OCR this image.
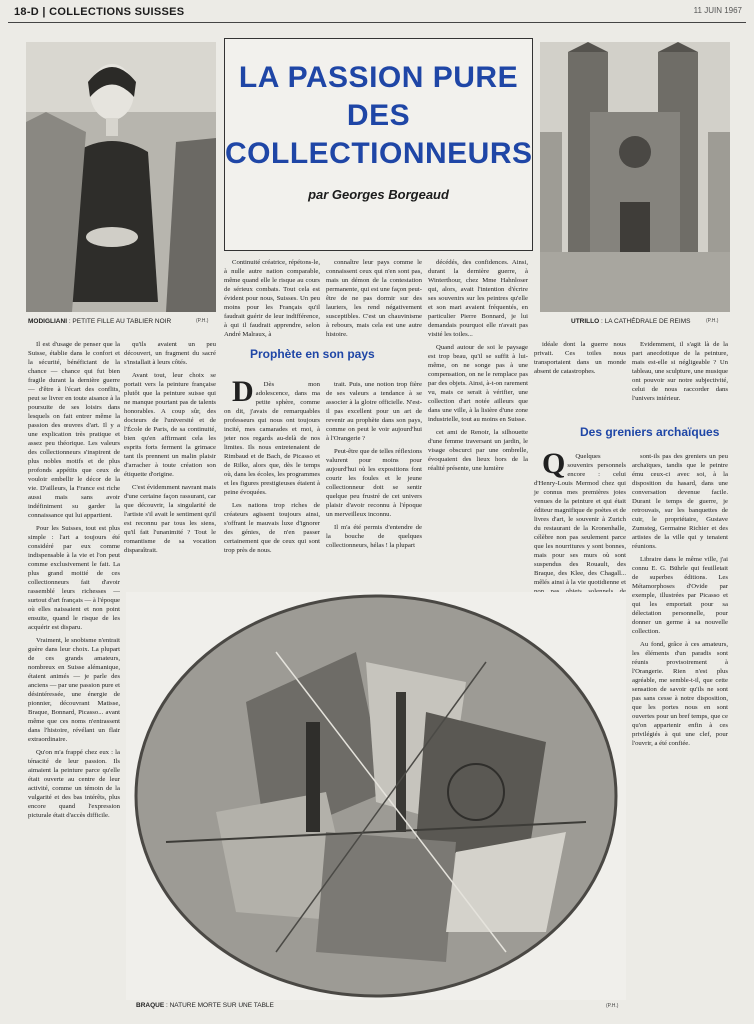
18-D | COLLECTIONS SUISSES	11 JUIN 1967
MODIGLIANI : PETITE FILLE AU TABLIER NOIR	(P.H.)
LA PASSION PURE
DES
COLLECTIONNEURS
par Georges Borgeaud
UTRILLO : LA CATHÉDRALE DE REIMS	(P.H.)

Il est d'usage de penser que la Suisse, établie dans le confort et la sécurité, bénéficiant de la chance — chance qui fut bien fragile durant la dernière guerre — d'être à l'écart des conflits, peut se livrer en toute aisance à la poursuite de ses loisirs dans lesquels on fait entrer même la passion des œuvres d'art. Il y a une explication très pratique et assez peu théorique. Les valeurs des collectionneurs s'inspirent de plus nobles motifs et de plus profonds appétits que ceux de vouloir embellir le décor de la vie. D'ailleurs, la France est riche aussi mais sans avoir indéfiniment su garder la connaissance qui lui appartient.

Pour les Suisses, tout est plus simple : l'art a toujours été considéré par eux comme indispensable à la vie et l'on peut comme exclusivement le fait. La plus grand moitié de ces collectionneurs fait d'avoir rassemblé leurs richesses — surtout d'art français — à l'époque où elles naissaient et non point ensuite, quand le risque de les acquérir est disparu.

Vraiment, le snobisme n'entrait guère dans leur choix. La plupart de ces grands amateurs, nombreux en Suisse alémanique, étaient animés — je parle des anciens — par une passion pure et désintéressée, une énergie de pionnier, découvrant Matisse, Braque, Bonnard, Picasso... avant même que ces noms n'entrassent dans l'histoire, révélant un flair extraordinaire.

Qu'on m'a frappé chez eux : la ténacité de leur passion. Ils aimaient la peinture parce qu'elle était ouverte au centre de leur activité, comme un témoin de la vulgarité et des bas intérêts, plus encore quand l'expression picturale était d'accès difficile.

qu'ils avaient un peu découvert, un fragment du sacré s'installait à leurs côtés.

Avant tout, leur choix se portait vers la peinture française plutôt que la peinture suisse qui ne manque pourtant pas de talents honorables. A coup sûr, des docteurs de l'université et de l'École de Paris, de sa continuité, bien qu'en affirmant cela les esprits forts ferment la grimace tant ils prennent un malin plaisir d'arracher à toute création son étiquette d'origine.

C'est évidemment navrant mais d'une certaine façon rassurant, car que découvrir, la singularité de l'artiste s'il avait le sentiment qu'il est reconnu par tous les siens, qu'il fait l'unanimité ? Tout le romantisme de sa vocation disparaîtrait.

Continuité créatrice, répétons-le, à nulle autre nation comparable, même quand elle le risque au cours de sérieux combats. Tout cela est évident pour nous, Suisses. Un peu moins pour les Français qu'il faudrait guérir de leur indifférence, à qui il faudrait apprendre, selon André Malraux, à

Prophète en son pays

D Dès mon adolescence, dans ma petite sphère, comme on dit, j'avais de remarquables professeurs qui nous ont toujours incité, mes camarades et moi, à jeter nos regards au-delà de nos limites. Ils nous entretenaient de Rimbaud et de Bach, de Picasso et de Rilke, alors que, dès le temps où, dans les écoles, les programmes et les figures prestigieuses étaient à peine évoquées.

Les nations trop riches de créateurs agissent toujours ainsi, s'offrant le mauvais luxe d'ignorer des génies, de n'en passer certainement que de ceux qui sont trop près de nous.

connaître leur pays comme le connaissent ceux qui n'en sont pas, mais un démon de la contestation permanente, qui est une façon peut-être de ne pas dormir sur des lauriers, les rend négativement susceptibles. C'est un chauvinisme à rebours, mais cela est une autre histoire.

trait. Puis, une notion trop fière de ses valeurs a tendance à se associer à la gloire officielle. N'est-il pas excellent pour un art de revenir au prophète dans son pays, comme on peut le voir aujourd'hui à l'Orangerie ?

Peut-être que de telles réflexions valurent pour moins pour aujourd'hui où les expositions font courir les foules et le jeune collectionneur doit se sentir quelque peu frustré de cet univers plaisir d'avoir reconnu à l'époque un merveilleux inconnu.

Il m'a été permis d'entendre de la bouche de quelques collectionneurs, hélas ! la plupart

décédés, des confidences. Ainsi, durant la dernière guerre, à Winterthour, chez Mme Hahnloser qui, alors, avait l'intention d'écrire ses souvenirs sur les peintres qu'elle et son mari avaient fréquentés, en particulier Pierre Bonnard, je lui demandais pourquoi elle n'avait pas visité les toiles...

Quand autour de soi le paysage est trop beau, qu'il se suffit à lui-même, on ne songe pas à une compensation, on ne le remplace pas par des objets. Ainsi, à-t-on rarement vu, mais ce serait à vérifier, une collection d'art notée ailleurs que dans une ville, à la lisière d'une zone industrielle, tout au moins en Suisse.

cet ami de Renoir, la silhouette d'une femme traversant un jardin, le visage obscurci par une ombrelle, évoquaient des lieux hors de la réalité présente, une lumière

idéale dont la guerre nous privait. Ces toiles nous transportaient dans un monde absent de catastrophes.

Evidemment, il s'agit là de la part anecdotique de la peinture, mais est-elle si négligeable ? Un tableau, une sculpture, une musique ont pouvoir sur notre subjectivité, celui de nous raccorder dans l'univers intérieur.

Des greniers archaïques

Q Quelques souvenirs personnels encore : celui d'Henry-Louis Mermod chez qui je connus mes premières joies venues de la peinture et qui était éditeur magnifique de poètes et de livres d'art, le souvenir à Zurich du restaurant de la Kronenhalle, célèbre non pas seulement parce que les nourritures y sont bonnes, mais pour ses murs où sont suspendus des Rouault, des Braque, des Klee, des Chagall... mêlés ainsi à la vie quotidienne et

sont-ils pas des greniers un peu archaïques, tandis que le peintre ému ceux-ci avec soi, à la disposition du hasard, dans une conversation devenue facile. Durant le temps de guerre, je retrouvais, sur les banquettes de cuir, le propriétaire, Gustave Zumsteg, Germaine Richier et des artistes de la ville qui y tenaient réunions.

Libraire dans le même ville, j'ai connu E. G. Bührle qui feuilletait de superbes éditions. Les Métamorphoses d'Ovide par exemple, illustrées par Picasso et qui les emportait pour sa délectation personnelle, pour donner un germe à sa nouvelle collection.

Au fond, grâce à ces amateurs, les éléments d'un paradis sont réunis provisoirement à l'Orangerie. Rien n'est plus agréable, me semble-t-il, que cette sensation de savoir qu'ils ne sont pas sans cesse à notre disposition, que les portes nous en sont ouvertes pour un bref temps, que ce qu'on appartenir enfin à ces privilégiés à qui une clef, pour l'ouvrir, a été confiée.

BRAQUE : NATURE MORTE SUR UNE TABLE	(P.H.)
